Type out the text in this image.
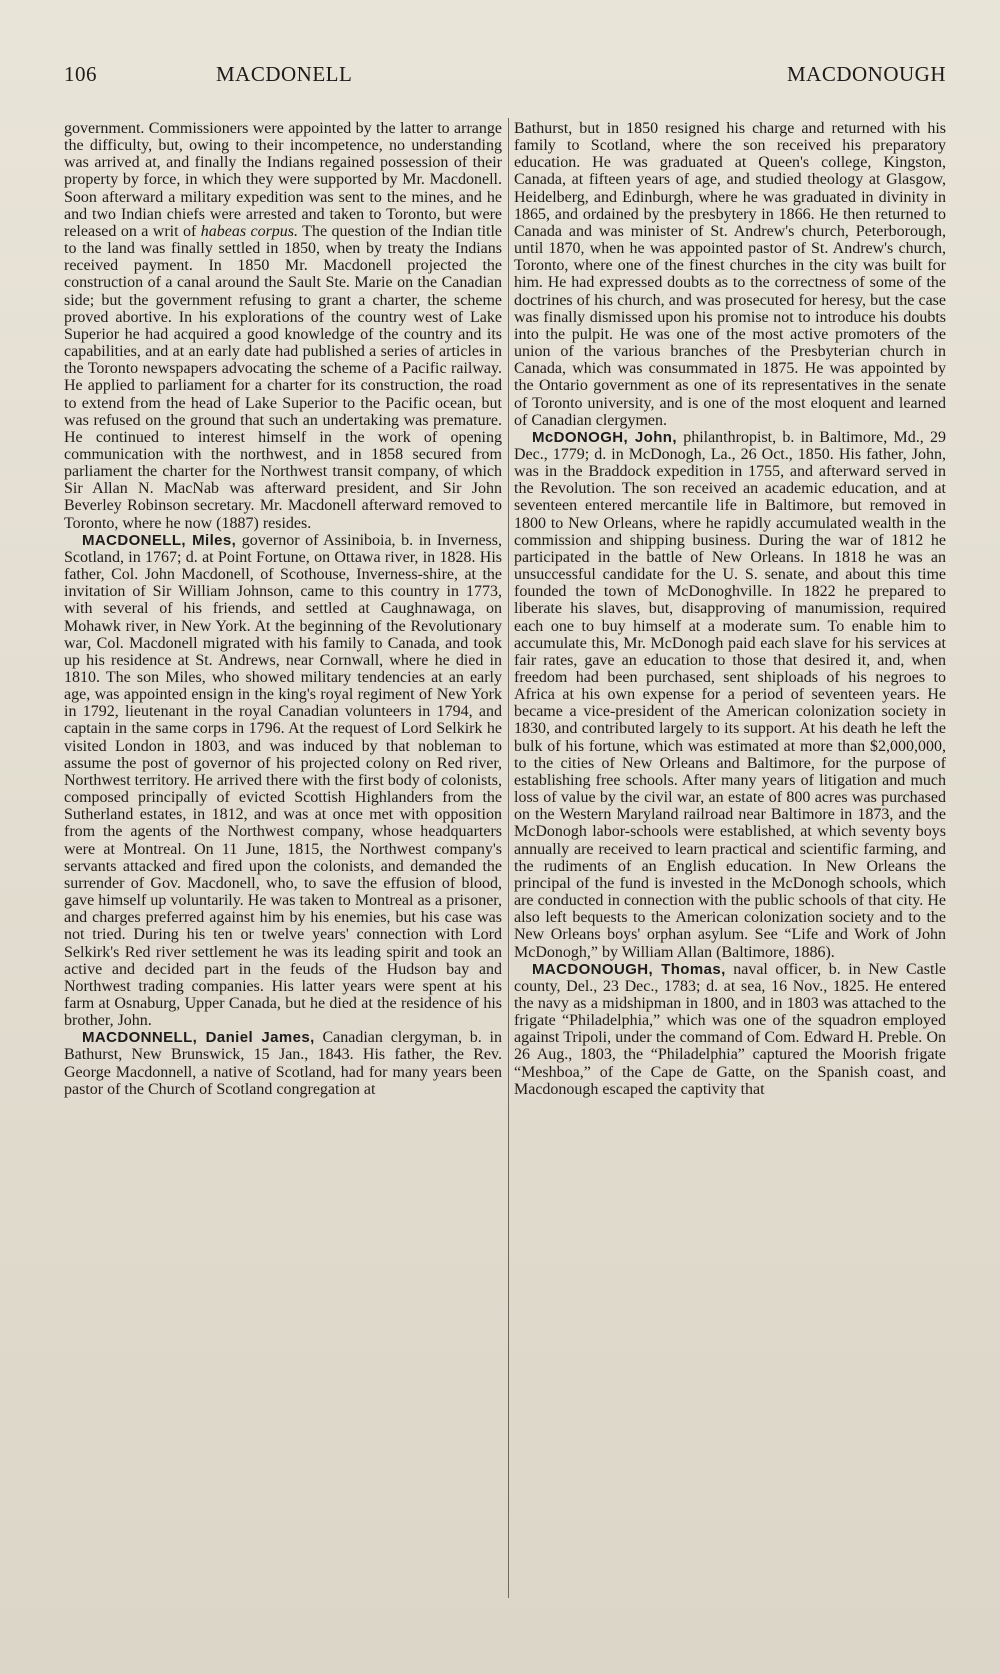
106	MACDONELL	MACDONOUGH

government. Commissioners were appointed by the latter to arrange the difficulty, but, owing to their incompetence, no understanding was arrived at, and finally the Indians regained possession of their property by force, in which they were supported by Mr. Macdonell. Soon afterward a military expedition was sent to the mines, and he and two Indian chiefs were arrested and taken to Toronto, but were released on a writ of habeas corpus. The question of the Indian title to the land was finally settled in 1850, when by treaty the Indians received payment. In 1850 Mr. Macdonell projected the construction of a canal around the Sault Ste. Marie on the Canadian side; but the government refusing to grant a charter, the scheme proved abortive. In his explorations of the country west of Lake Superior he had acquired a good knowledge of the country and its capabilities, and at an early date had published a series of articles in the Toronto newspapers advocating the scheme of a Pacific railway. He applied to parliament for a charter for its construction, the road to extend from the head of Lake Superior to the Pacific ocean, but was refused on the ground that such an undertaking was premature. He continued to interest himself in the work of opening communication with the northwest, and in 1858 secured from parliament the charter for the Northwest transit company, of which Sir Allan N. MacNab was afterward president, and Sir John Beverley Robinson secretary. Mr. Macdonell afterward removed to Toronto, where he now (1887) resides.

MACDONELL, Miles, governor of Assiniboia, b. in Inverness, Scotland, in 1767; d. at Point Fortune, on Ottawa river, in 1828. His father, Col. John Macdonell, of Scothouse, Inverness-shire, at the invitation of Sir William Johnson, came to this country in 1773, with several of his friends, and settled at Caughnawaga, on Mohawk river, in New York. At the beginning of the Revolutionary war, Col. Macdonell migrated with his family to Canada, and took up his residence at St. Andrews, near Cornwall, where he died in 1810. The son Miles, who showed military tendencies at an early age, was appointed ensign in the king's royal regiment of New York in 1792, lieutenant in the royal Canadian volunteers in 1794, and captain in the same corps in 1796. At the request of Lord Selkirk he visited London in 1803, and was induced by that nobleman to assume the post of governor of his projected colony on Red river, Northwest territory. He arrived there with the first body of colonists, composed principally of evicted Scottish Highlanders from the Sutherland estates, in 1812, and was at once met with opposition from the agents of the Northwest company, whose headquarters were at Montreal. On 11 June, 1815, the Northwest company's servants attacked and fired upon the colonists, and demanded the surrender of Gov. Macdonell, who, to save the effusion of blood, gave himself up voluntarily. He was taken to Montreal as a prisoner, and charges preferred against him by his enemies, but his case was not tried. During his ten or twelve years' connection with Lord Selkirk's Red river settlement he was its leading spirit and took an active and decided part in the feuds of the Hudson bay and Northwest trading companies. His latter years were spent at his farm at Osnaburg, Upper Canada, but he died at the residence of his brother, John.

MACDONNELL, Daniel James, Canadian clergyman, b. in Bathurst, New Brunswick, 15 Jan., 1843. His father, the Rev. George Macdonnell, a native of Scotland, had for many years been pastor of the Church of Scotland congregation at

Bathurst, but in 1850 resigned his charge and returned with his family to Scotland, where the son received his preparatory education. He was graduated at Queen's college, Kingston, Canada, at fifteen years of age, and studied theology at Glasgow, Heidelberg, and Edinburgh, where he was graduated in divinity in 1865, and ordained by the presbytery in 1866. He then returned to Canada and was minister of St. Andrew's church, Peterborough, until 1870, when he was appointed pastor of St. Andrew's church, Toronto, where one of the finest churches in the city was built for him. He had expressed doubts as to the correctness of some of the doctrines of his church, and was prosecuted for heresy, but the case was finally dismissed upon his promise not to introduce his doubts into the pulpit. He was one of the most active promoters of the union of the various branches of the Presbyterian church in Canada, which was consummated in 1875. He was appointed by the Ontario government as one of its representatives in the senate of Toronto university, and is one of the most eloquent and learned of Canadian clergymen.

McDONOGH, John, philanthropist, b. in Baltimore, Md., 29 Dec., 1779; d. in McDonogh, La., 26 Oct., 1850. His father, John, was in the Braddock expedition in 1755, and afterward served in the Revolution. The son received an academic education, and at seventeen entered mercantile life in Baltimore, but removed in 1800 to New Orleans, where he rapidly accumulated wealth in the commission and shipping business. During the war of 1812 he participated in the battle of New Orleans. In 1818 he was an unsuccessful candidate for the U. S. senate, and about this time founded the town of McDonoghville. In 1822 he prepared to liberate his slaves, but, disapproving of manumission, required each one to buy himself at a moderate sum. To enable him to accumulate this, Mr. McDonogh paid each slave for his services at fair rates, gave an education to those that desired it, and, when freedom had been purchased, sent shiploads of his negroes to Africa at his own expense for a period of seventeen years. He became a vice-president of the American colonization society in 1830, and contributed largely to its support. At his death he left the bulk of his fortune, which was estimated at more than $2,000,000, to the cities of New Orleans and Baltimore, for the purpose of establishing free schools. After many years of litigation and much loss of value by the civil war, an estate of 800 acres was purchased on the Western Maryland railroad near Baltimore in 1873, and the McDonogh labor-schools were established, at which seventy boys annually are received to learn practical and scientific farming, and the rudiments of an English education. In New Orleans the principal of the fund is invested in the McDonogh schools, which are conducted in connection with the public schools of that city. He also left bequests to the American colonization society and to the New Orleans boys' orphan asylum. See “Life and Work of John McDonogh,” by William Allan (Baltimore, 1886).

MACDONOUGH, Thomas, naval officer, b. in New Castle county, Del., 23 Dec., 1783; d. at sea, 16 Nov., 1825. He entered the navy as a midshipman in 1800, and in 1803 was attached to the frigate “Philadelphia,” which was one of the squadron employed against Tripoli, under the command of Com. Edward H. Preble. On 26 Aug., 1803, the “Philadelphia” captured the Moorish frigate “Meshboa,” of the Cape de Gatte, on the Spanish coast, and Macdonough escaped the captivity that
